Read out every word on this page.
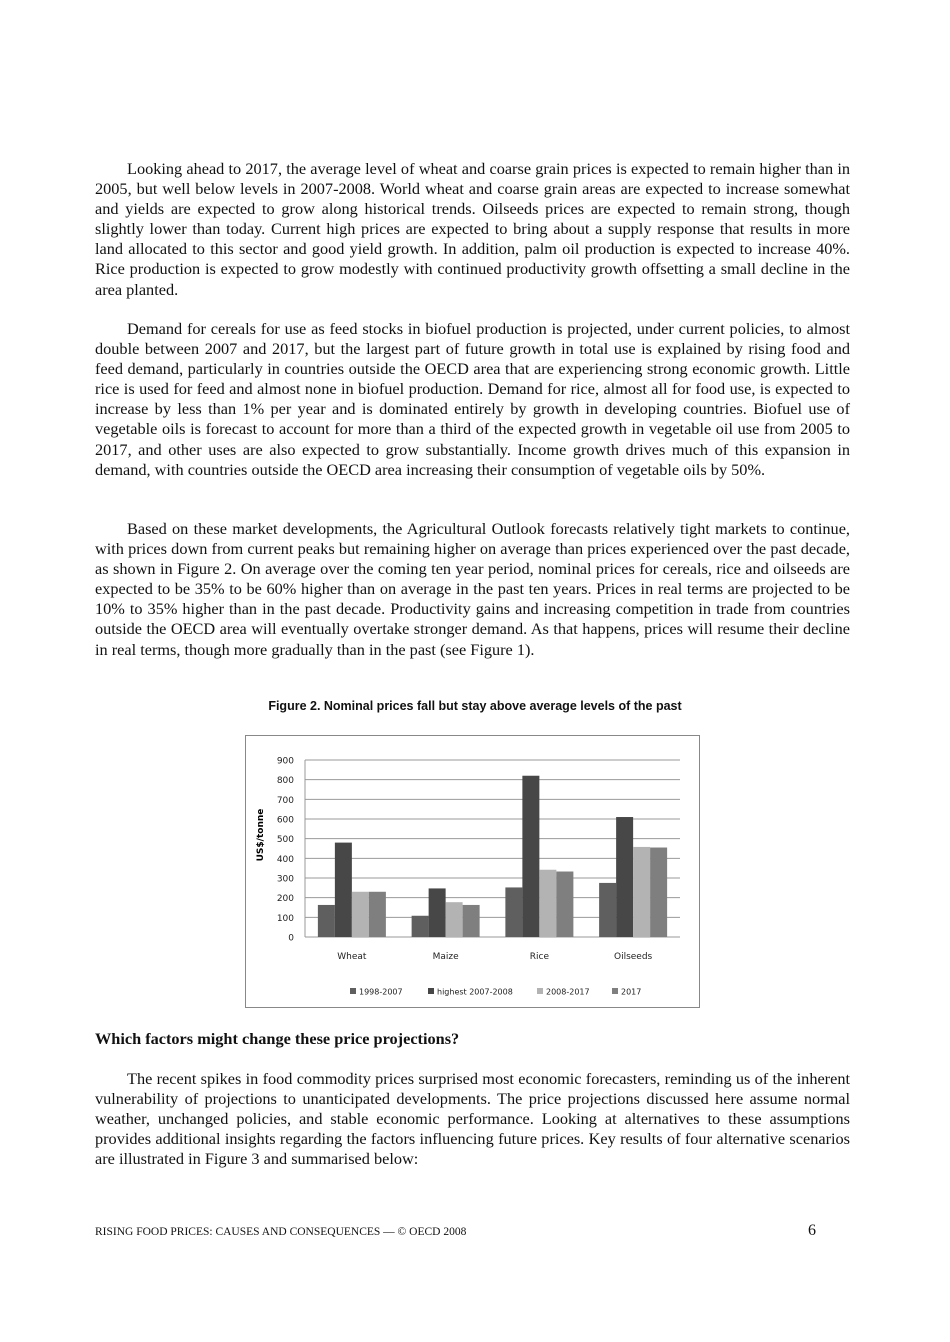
Looking ahead to 2017, the average level of wheat and coarse grain prices is expected to remain higher than in 2005, but well below levels in 2007-2008. World wheat and coarse grain areas are expected to increase somewhat and yields are expected to grow along historical trends. Oilseeds prices are expected to remain strong, though slightly lower than today. Current high prices are expected to bring about a supply response that results in more land allocated to this sector and good yield growth. In addition, palm oil production is expected to increase 40%. Rice production is expected to grow modestly with continued productivity growth offsetting a small decline in the area planted.

Demand for cereals for use as feed stocks in biofuel production is projected, under current policies, to almost double between 2007 and 2017, but the largest part of future growth in total use is explained by rising food and feed demand, particularly in countries outside the OECD area that are experiencing strong economic growth. Little rice is used for feed and almost none in biofuel production. Demand for rice, almost all for food use, is expected to increase by less than 1% per year and is dominated entirely by growth in developing countries. Biofuel use of vegetable oils is forecast to account for more than a third of the expected growth in vegetable oil use from 2005 to 2017, and other uses are also expected to grow substantially. Income growth drives much of this expansion in demand, with countries outside the OECD area increasing their consumption of vegetable oils by 50%.

Based on these market developments, the Agricultural Outlook forecasts relatively tight markets to continue, with prices down from current peaks but remaining higher on average than prices experienced over the past decade, as shown in Figure 2. On average over the coming ten year period, nominal prices for cereals, rice and oilseeds are expected to be 35% to be 60% higher than on average in the past ten years. Prices in real terms are projected to be 10% to 35% higher than in the past decade. Productivity gains and increasing competition in trade from countries outside the OECD area will eventually overtake stronger demand. As that happens, prices will resume their decline in real terms, though more gradually than in the past (see Figure 1).

Figure 2. Nominal prices fall but stay above average levels of the past
0
100
200
300
400
500
600
700
800
900
Wheat	Maize	Rice	Oilseeds
US$/tonne
1998-2007	highest 2007-2008	2008-2017	2017
Which factors might change these price projections?

The recent spikes in food commodity prices surprised most economic forecasters, reminding us of the inherent vulnerability of projections to unanticipated developments. The price projections discussed here assume normal weather, unchanged policies, and stable economic performance. Looking at alternatives to these assumptions provides additional insights regarding the factors influencing future prices. Key results of four alternative scenarios are illustrated in Figure 3 and summarised below:

RISING FOOD PRICES: CAUSES AND CONSEQUENCES — © OECD 2008	6
